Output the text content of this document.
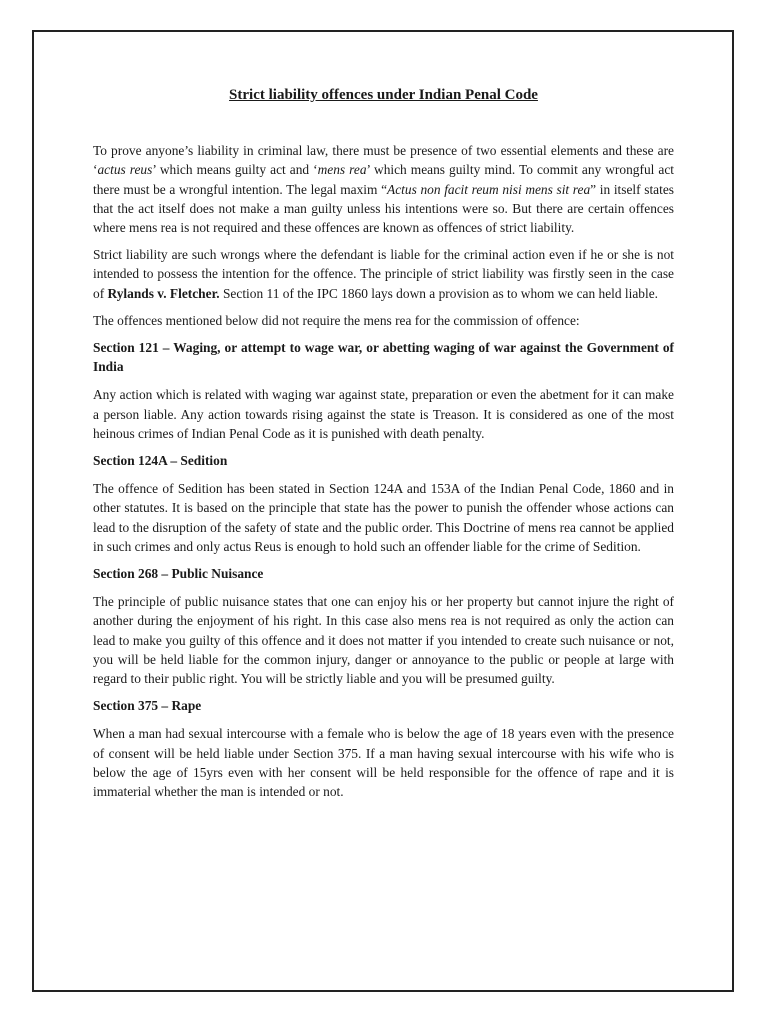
Strict liability offences under Indian Penal Code

To prove anyone’s liability in criminal law, there must be presence of two essential elements and these are ‘actus reus’ which means guilty act and ‘mens rea’ which means guilty mind. To commit any wrongful act there must be a wrongful intention. The legal maxim “Actus non facit reum nisi mens sit rea” in itself states that the act itself does not make a man guilty unless his intentions were so. But there are certain offences where mens rea is not required and these offences are known as offences of strict liability.

Strict liability are such wrongs where the defendant is liable for the criminal action even if he or she is not intended to possess the intention for the offence. The principle of strict liability was firstly seen in the case of Rylands v. Fletcher. Section 11 of the IPC 1860 lays down a provision as to whom we can held liable.

The offences mentioned below did not require the mens rea for the commission of offence:

Section 121 – Waging, or attempt to wage war, or abetting waging of war against the Government of India

Any action which is related with waging war against state, preparation or even the abetment for it can make a person liable. Any action towards rising against the state is Treason. It is considered as one of the most heinous crimes of Indian Penal Code as it is punished with death penalty.

Section 124A – Sedition

The offence of Sedition has been stated in Section 124A and 153A of the Indian Penal Code, 1860 and in other statutes. It is based on the principle that state has the power to punish the offender whose actions can lead to the disruption of the safety of state and the public order. This Doctrine of mens rea cannot be applied in such crimes and only actus Reus is enough to hold such an offender liable for the crime of Sedition.

Section 268 – Public Nuisance

The principle of public nuisance states that one can enjoy his or her property but cannot injure the right of another during the enjoyment of his right. In this case also mens rea is not required as only the action can lead to make you guilty of this offence and it does not matter if you intended to create such nuisance or not, you will be held liable for the common injury, danger or annoyance to the public or people at large with regard to their public right. You will be strictly liable and you will be presumed guilty.

Section 375 – Rape

When a man had sexual intercourse with a female who is below the age of 18 years even with the presence of consent will be held liable under Section 375. If a man having sexual intercourse with his wife who is below the age of 15yrs even with her consent will be held responsible for the offence of rape and it is immaterial whether the man is intended or not.
